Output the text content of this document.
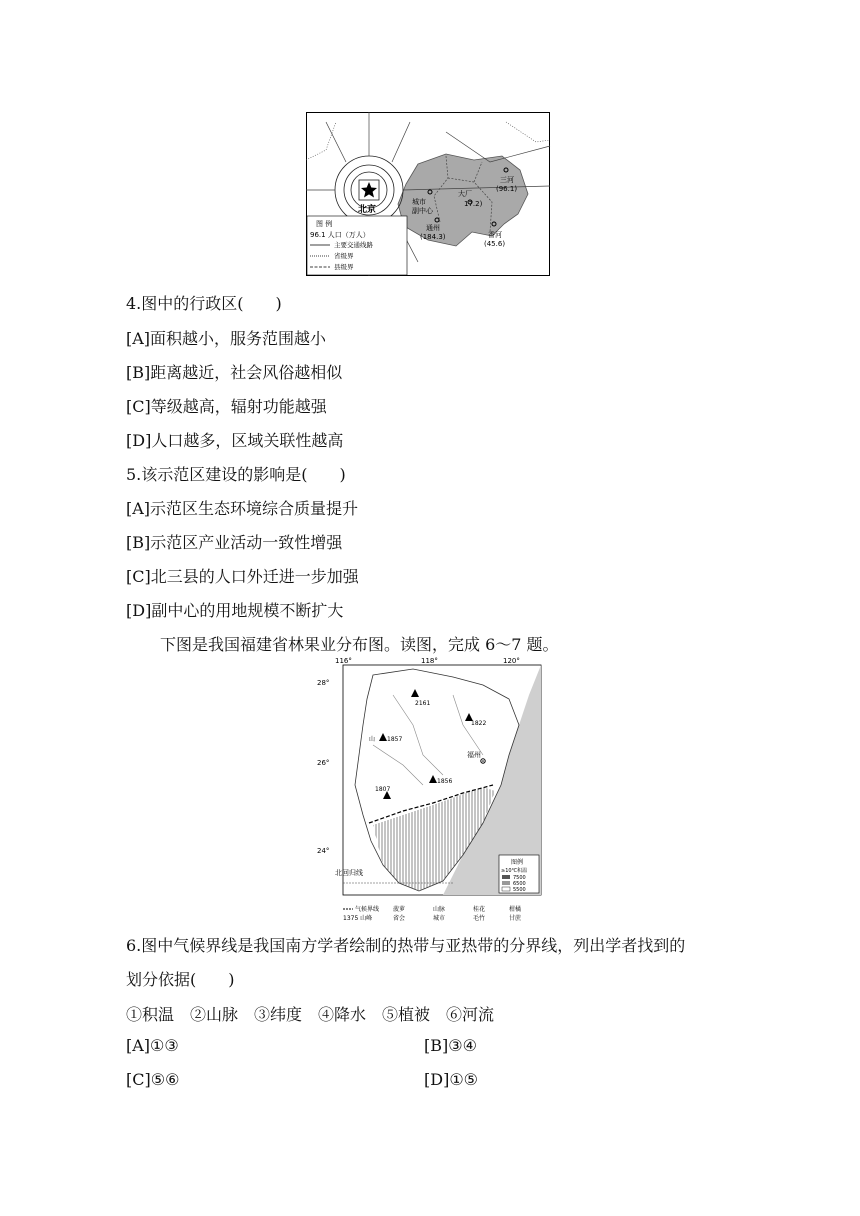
北京
城市
副中心
三河
(96.1)
大厂
17.2)
通州
(184.3)	香河
(45.6)
图 例
96.1 人口（万人）
主要交通线路
省级界
县级界
4.图中的行政区(　　)
[A]面积越小，服务范围越小
[B]距离越近，社会风俗越相似
[C]等级越高，辐射功能越强
[D]人口越多，区域关联性越高
5.该示范区建设的影响是(　　)
[A]示范区生态环境综合质量提升
[B]示范区产业活动一致性增强
[C]北三县的人口外迁进一步加强
[D]副中心的用地规模不断扩大
下图是我国福建省林果业分布图。读图，完成 6～7 题。
116°	118°	120°
28°
26°
24°
2161
1822
山 1857
1856
1807
福州
北回归线
图例
≥10℃积温
7500
6500
5500
气候界线 菠萝	山脉	桂花	柑橘
1375 山峰	省会	城市	毛竹	甘蔗
6.图中气候界线是我国南方学者绘制的热带与亚热带的分界线，列出学者找到的
划分依据(　　)
①积温　②山脉　③纬度　④降水　⑤植被　⑥河流
[A]①③	[B]③④
[C]⑤⑥	[D]①⑤
